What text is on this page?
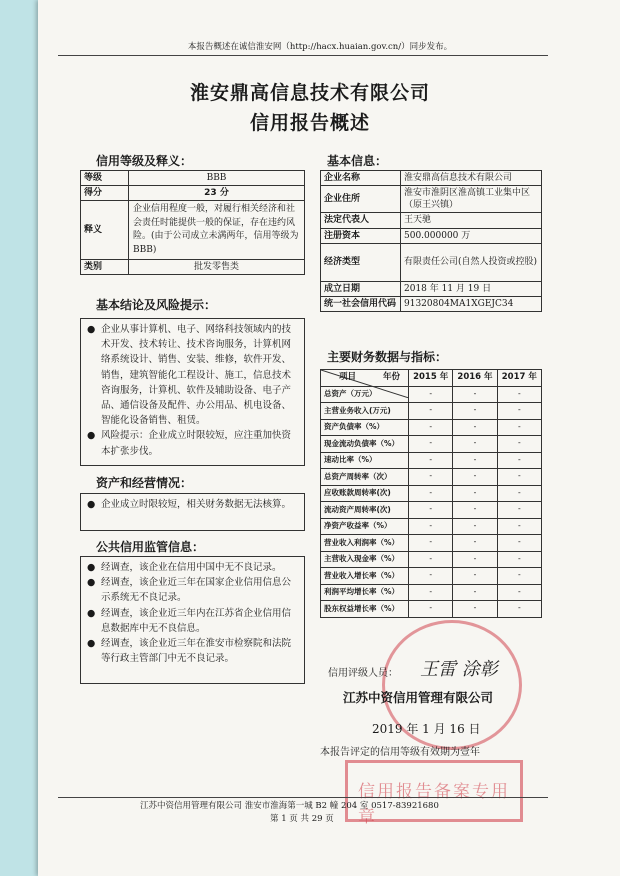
本报告概述在诚信淮安网（http://hacx.huaian.gov.cn/）同步发布。
淮安鼎高信息技术有限公司
信用报告概述
信用等级及释义：
等级	BBB
得分	23 分
释义	企业信用程度一般，对履行相关经济和社会责任时能提供一般的保证，存在违约风险。(由于公司成立未满两年，信用等级为BBB)
类别	批发零售类
基本结论及风险提示：
● 企业从事计算机、电子、网络科技领域内的技术开发、技术转让、技术咨询服务，计算机网络系统设计、销售、安装、维修，软件开发、销售，建筑智能化工程设计、施工，信息技术咨询服务，计算机、软件及辅助设备、电子产品、通信设备及配件、办公用品、机电设备、智能化设备销售、租赁。
● 风险提示：企业成立时限较短，应注重加快资本扩张步伐。
资产和经营情况：
● 企业成立时限较短，相关财务数据无法核算。
公共信用监管信息：
● 经调查，该企业在信用中国中无不良记录。
● 经调查，该企业近三年在国家企业信用信息公示系统无不良记录。
● 经调查，该企业近三年内在江苏省企业信用信息数据库中无不良信息。
● 经调查，该企业近三年在淮安市检察院和法院等行政主管部门中无不良记录。
基本信息：
企业名称	淮安鼎高信息技术有限公司
企业住所	淮安市淮阴区淮高镇工业集中区（原王兴镇）
法定代表人	王天驰
注册资本	500.000000 万
经济类型	有限责任公司(自然人投资或控股)
成立日期	2018 年 11 月 19 日
统一社会信用代码	91320804MA1XGEJC34
主要财务数据与指标：
年份
项目	2015 年	2016 年	2017 年
总资产（万元）	-	-	-
主营业务收入(万元)	-	-	-
资产负债率（%）	-	-	-
现金流动负债率（%）	-	-	-
速动比率（%）	-	-	-
总资产周转率（次）	-	-	-
应收账款周转率(次)	-	-	-
流动资产周转率(次)	-	-	-
净资产收益率（%）	-	-	-
营业收入利润率（%）	-	-	-
主营收入现金率（%）	-	-	-
营业收入增长率（%）	-	-	-
利润平均增长率（%）	-	-	-
股东权益增长率（%）	-	-	-
信用评级人员： 王雷 涂彰
江苏中资信用管理有限公司
2019 年 1 月 16 日
本报告评定的信用等级有效期为壹年
信用报告备案专用章
江苏中资信用管理有限公司 淮安市淮海第一城 B2 幢 204 室 0517-83921680
第 1 页 共 29 页
